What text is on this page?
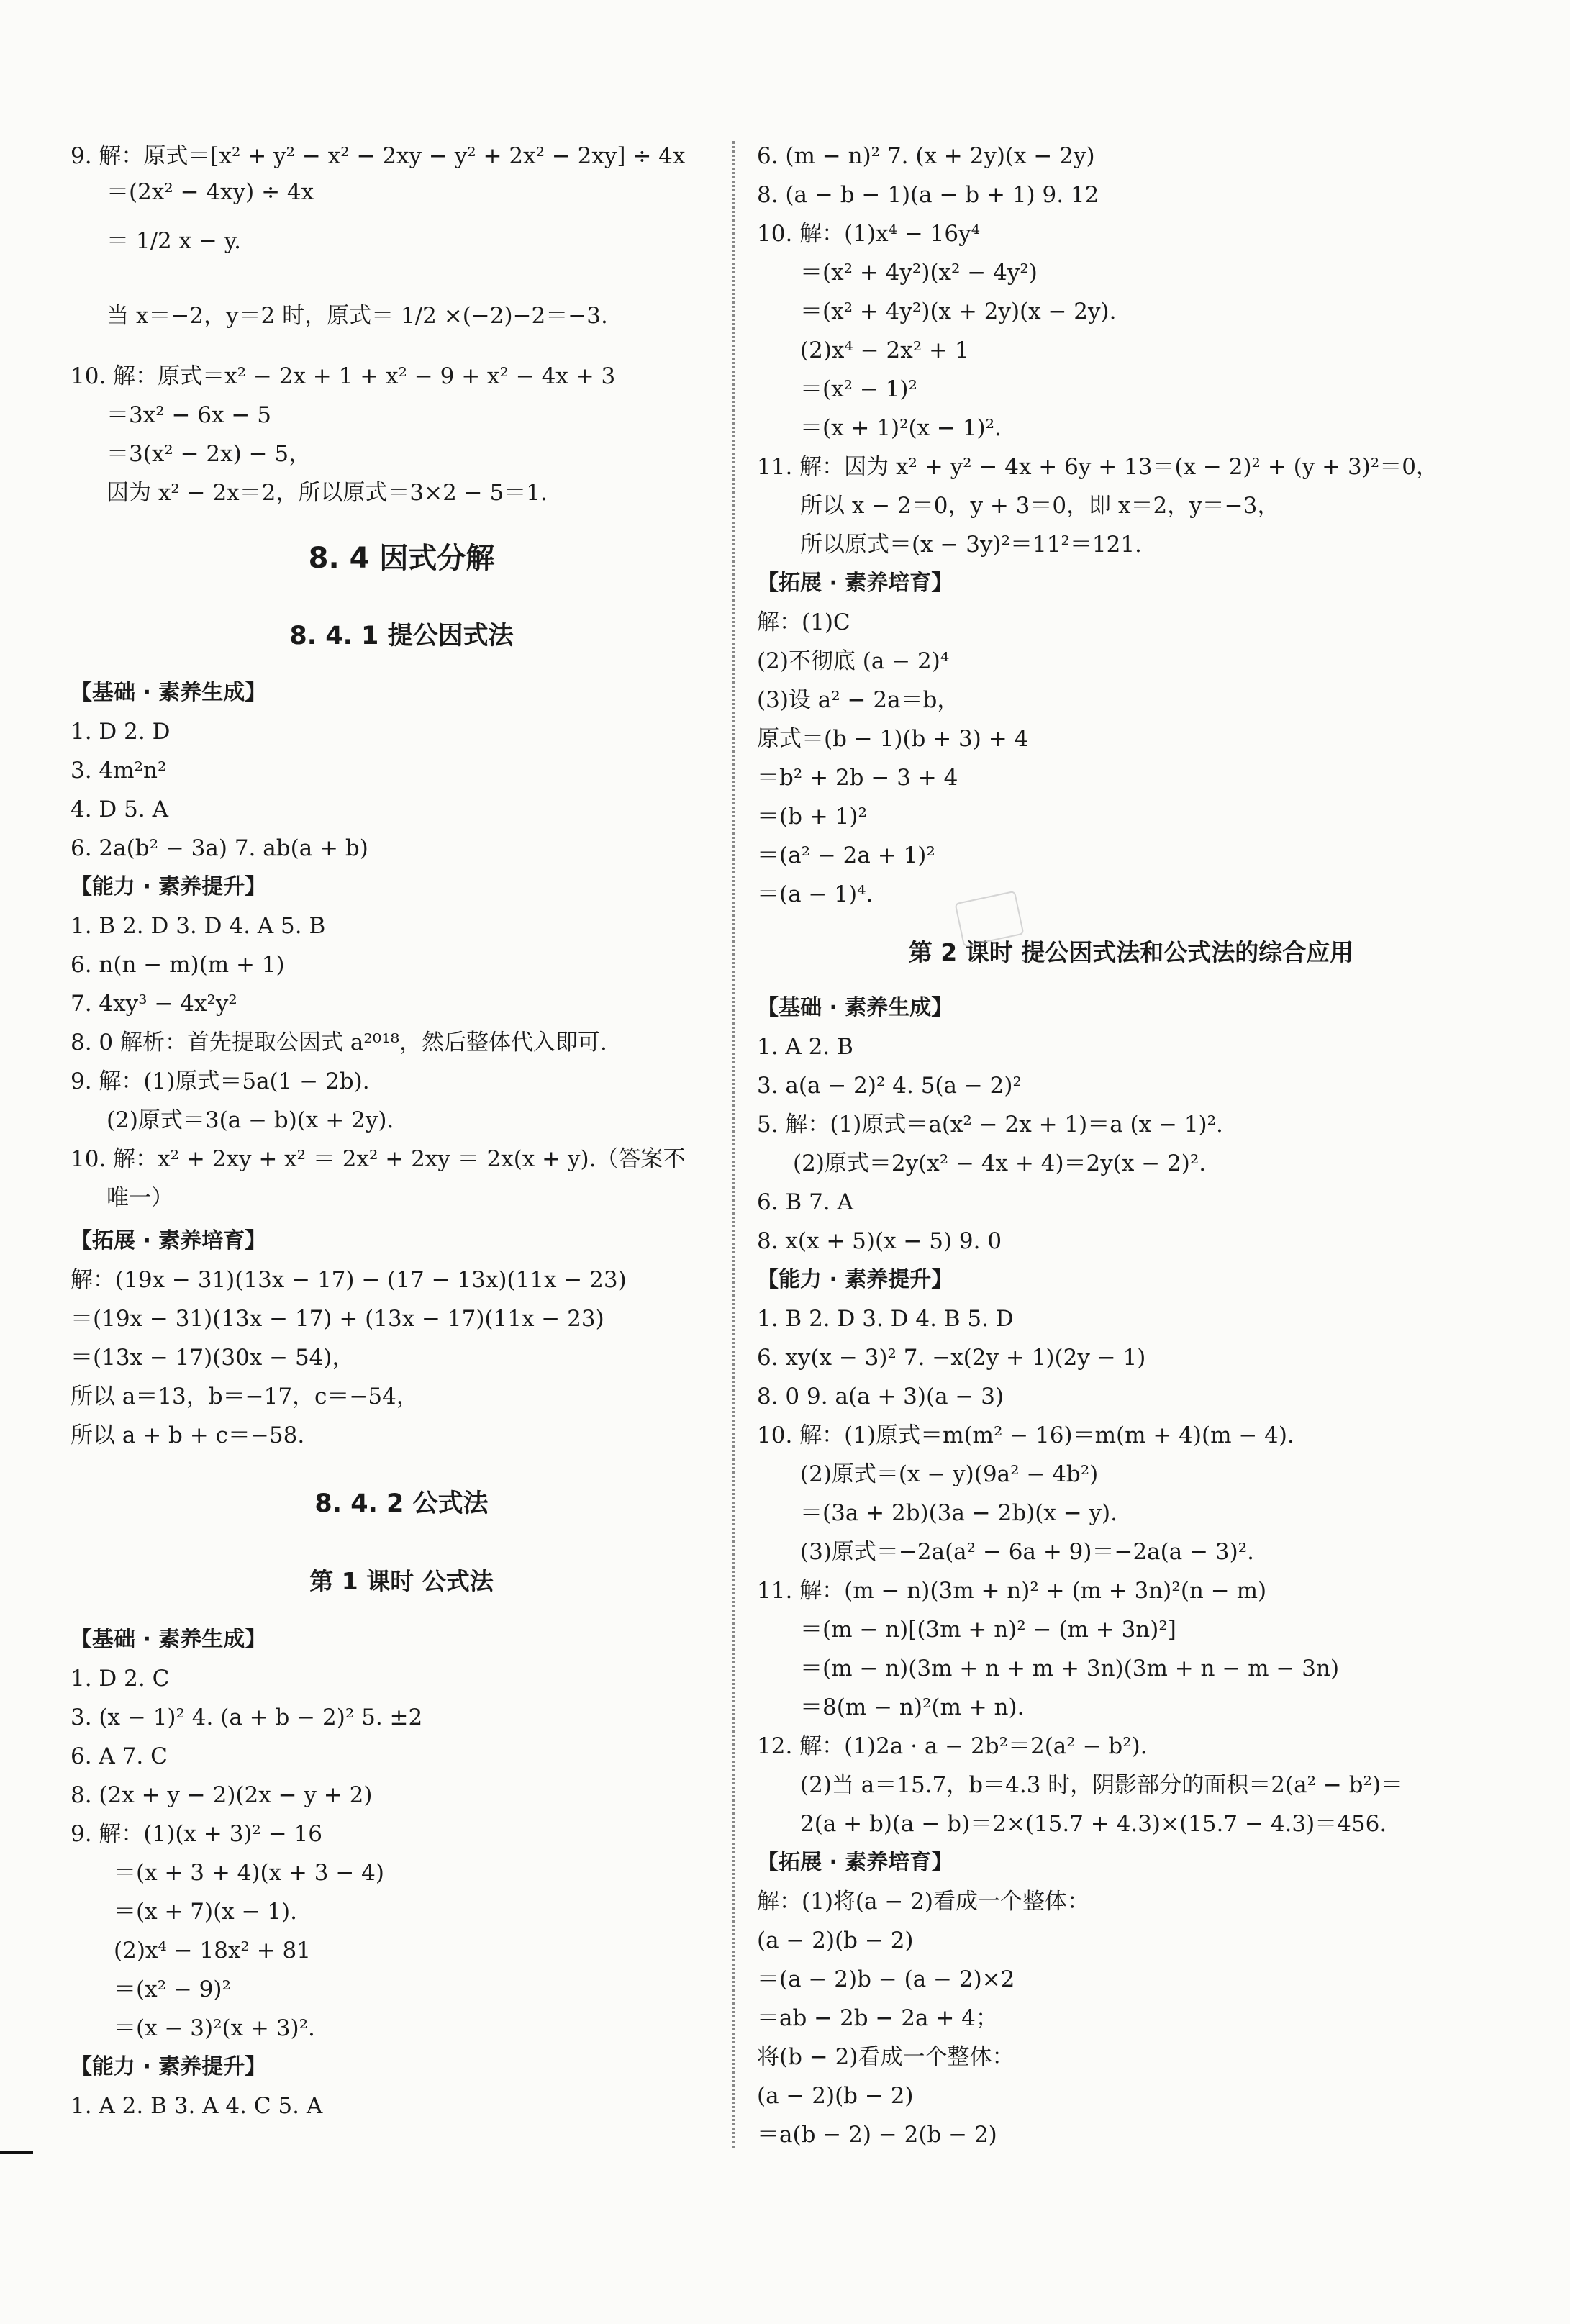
9. 解：原式＝[x² + y² − x² − 2xy − y² + 2x² − 2xy] ÷ 4x
＝(2x² − 4xy) ÷ 4x
＝ 1/2 x − y.
当 x＝−2，y＝2 时，原式＝ 1/2 ×(−2)−2＝−3.
10. 解：原式＝x² − 2x + 1 + x² − 9 + x² − 4x + 3
＝3x² − 6x − 5
＝3(x² − 2x) − 5，
因为 x² − 2x＝2，所以原式＝3×2 − 5＝1.
8. 4 因式分解
8. 4. 1 提公因式法
【基础 · 素养生成】
1. D 2. D
3. 4m²n²
4. D 5. A
6. 2a(b² − 3a) 7. ab(a + b)
【能力 · 素养提升】
1. B 2. D 3. D 4. A 5. B
6. n(n − m)(m + 1)
7. 4xy³ − 4x²y²
8. 0 解析：首先提取公因式 a²⁰¹⁸，然后整体代入即可.
9. 解：(1)原式＝5a(1 − 2b).
(2)原式＝3(a − b)(x + 2y).
10. 解：x² + 2xy + x² ＝ 2x² + 2xy ＝ 2x(x + y).（答案不
唯一）
【拓展 · 素养培育】
解：(19x − 31)(13x − 17) − (17 − 13x)(11x − 23)
＝(19x − 31)(13x − 17) + (13x − 17)(11x − 23)
＝(13x − 17)(30x − 54)，
所以 a＝13，b＝−17，c＝−54，
所以 a + b + c＝−58.
8. 4. 2 公式法
第 1 课时 公式法
【基础 · 素养生成】
1. D 2. C
3. (x − 1)² 4. (a + b − 2)² 5. ±2
6. A 7. C
8. (2x + y − 2)(2x − y + 2)
9. 解：(1)(x + 3)² − 16
＝(x + 3 + 4)(x + 3 − 4)
＝(x + 7)(x − 1).
(2)x⁴ − 18x² + 81
＝(x² − 9)²
＝(x − 3)²(x + 3)².
【能力 · 素养提升】
1. A 2. B 3. A 4. C 5. A
6. (m − n)² 7. (x + 2y)(x − 2y)
8. (a − b − 1)(a − b + 1) 9. 12
10. 解：(1)x⁴ − 16y⁴
＝(x² + 4y²)(x² − 4y²)
＝(x² + 4y²)(x + 2y)(x − 2y).
(2)x⁴ − 2x² + 1
＝(x² − 1)²
＝(x + 1)²(x − 1)².
11. 解：因为 x² + y² − 4x + 6y + 13＝(x − 2)² + (y + 3)²＝0，
所以 x − 2＝0，y + 3＝0，即 x＝2，y＝−3，
所以原式＝(x − 3y)²＝11²＝121.
【拓展 · 素养培育】
解：(1)C
(2)不彻底 (a − 2)⁴
(3)设 a² − 2a＝b，
原式＝(b − 1)(b + 3) + 4
＝b² + 2b − 3 + 4
＝(b + 1)²
＝(a² − 2a + 1)²
＝(a − 1)⁴.
第 2 课时 提公因式法和公式法的综合应用
【基础 · 素养生成】
1. A 2. B
3. a(a − 2)² 4. 5(a − 2)²
5. 解：(1)原式＝a(x² − 2x + 1)＝a (x − 1)².
(2)原式＝2y(x² − 4x + 4)＝2y(x − 2)².
6. B 7. A
8. x(x + 5)(x − 5) 9. 0
【能力 · 素养提升】
1. B 2. D 3. D 4. B 5. D
6. xy(x − 3)² 7. −x(2y + 1)(2y − 1)
8. 0 9. a(a + 3)(a − 3)
10. 解：(1)原式＝m(m² − 16)＝m(m + 4)(m − 4).
(2)原式＝(x − y)(9a² − 4b²)
＝(3a + 2b)(3a − 2b)(x − y).
(3)原式＝−2a(a² − 6a + 9)＝−2a(a − 3)².
11. 解：(m − n)(3m + n)² + (m + 3n)²(n − m)
＝(m − n)[(3m + n)² − (m + 3n)²]
＝(m − n)(3m + n + m + 3n)(3m + n − m − 3n)
＝8(m − n)²(m + n).
12. 解：(1)2a · a − 2b²＝2(a² − b²).
(2)当 a＝15.7，b＝4.3 时，阴影部分的面积＝2(a² − b²)＝
2(a + b)(a − b)＝2×(15.7 + 4.3)×(15.7 − 4.3)＝456.
【拓展 · 素养培育】
解：(1)将(a − 2)看成一个整体：
(a − 2)(b − 2)
＝(a − 2)b − (a − 2)×2
＝ab − 2b − 2a + 4；
将(b − 2)看成一个整体：
(a − 2)(b − 2)
＝a(b − 2) − 2(b − 2)
